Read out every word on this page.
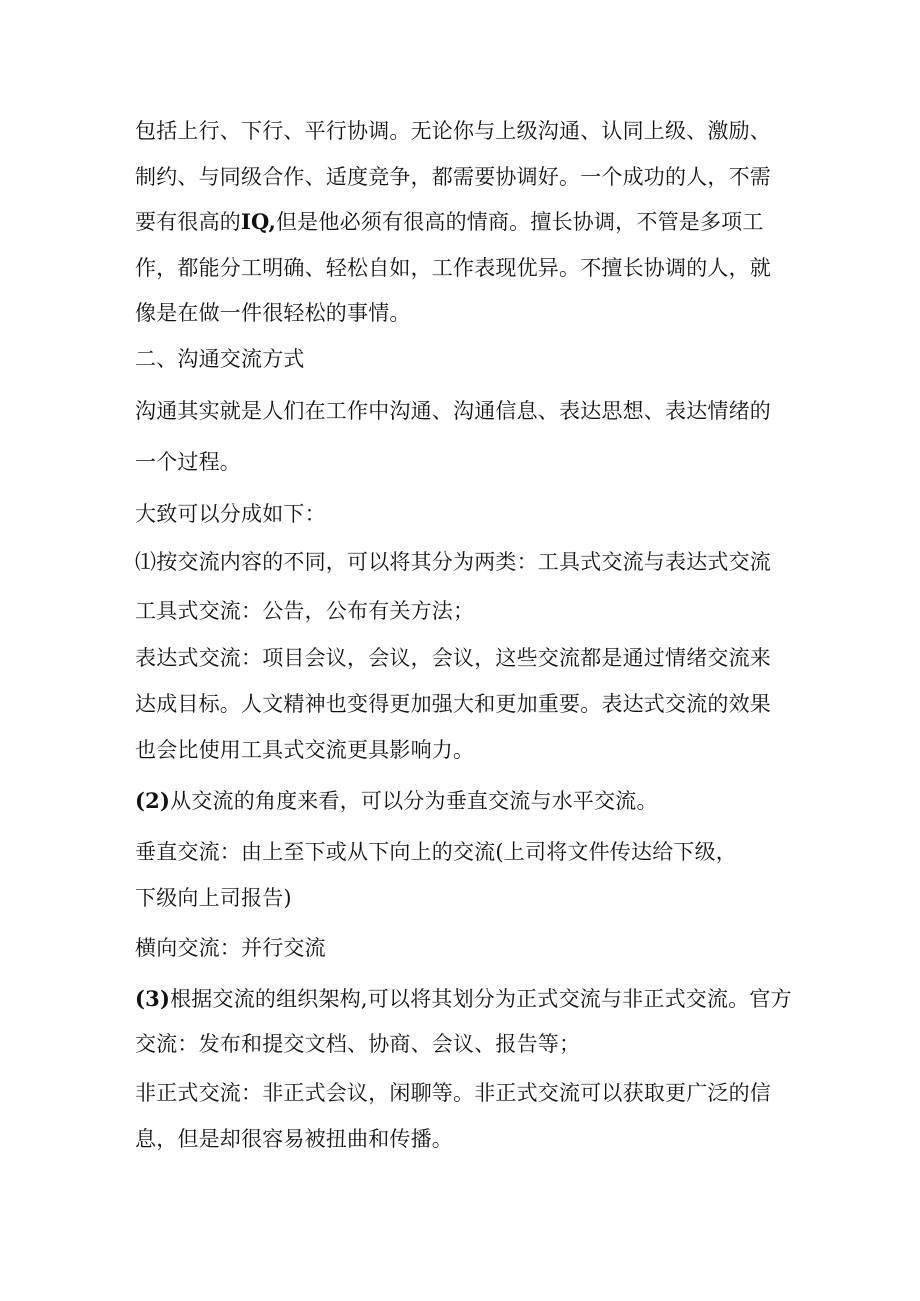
包括上行、下行、平行协调。无论你与上级沟通、认同上级、激励、
制约、与同级合作、适度竞争，都需要协调好。一个成功的人，不需
要有很高的IQ,但是他必须有很高的情商。擅长协调，不管是多项工
作，都能分工明确、轻松自如，工作表现优异。不擅长协调的人，就
像是在做一件很轻松的事情。
二、沟通交流方式
沟通其实就是人们在工作中沟通、沟通信息、表达思想、表达情绪的
一个过程。
大致可以分成如下：
⑴按交流内容的不同，可以将其分为两类：工具式交流与表达式交流
工具式交流：公告，公布有关方法；
表达式交流：项目会议，会议，会议，这些交流都是通过情绪交流来
达成目标。人文精神也变得更加强大和更加重要。表达式交流的效果
也会比使用工具式交流更具影响力。
(2)从交流的角度来看，可以分为垂直交流与水平交流。
垂直交流：由上至下或从下向上的交流(上司将文件传达给下级，
下级向上司报告)
横向交流：并行交流
(3)根据交流的组织架构,可以将其划分为正式交流与非正式交流。官方
交流：发布和提交文档、协商、会议、报告等；
非正式交流：非正式会议，闲聊等。非正式交流可以获取更广泛的信
息，但是却很容易被扭曲和传播。
